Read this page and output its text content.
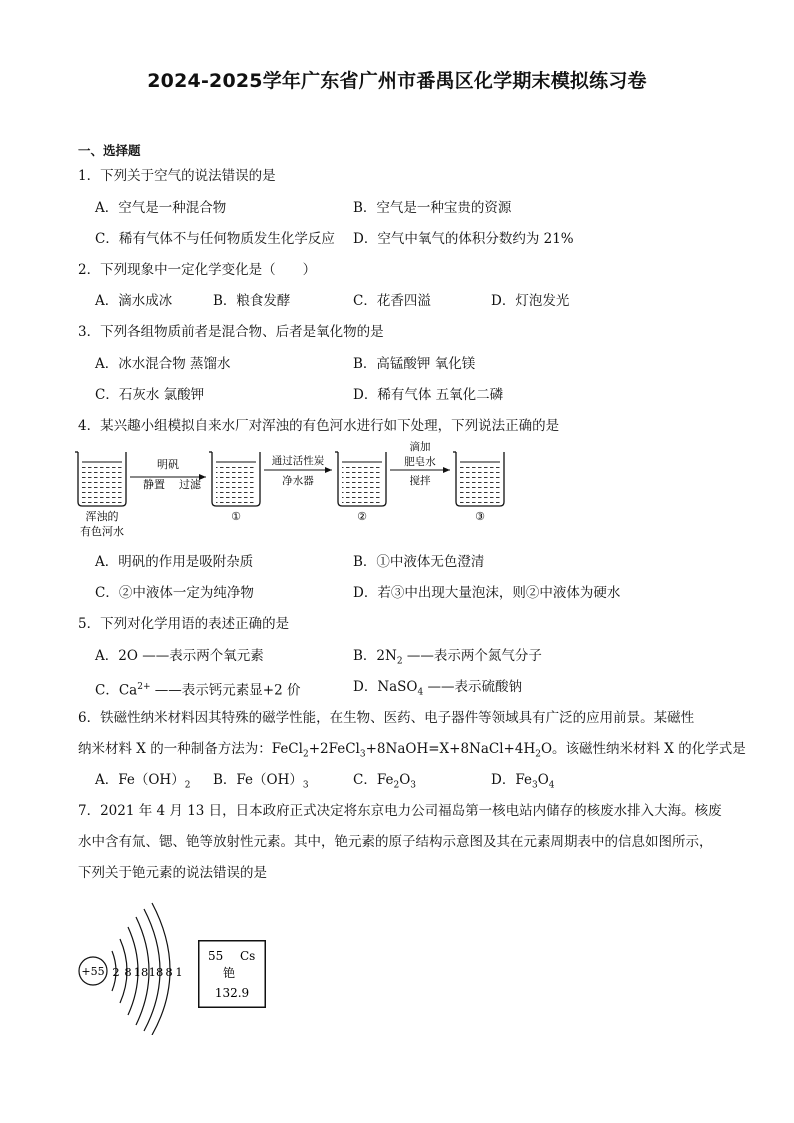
2024-2025学年广东省广州市番禺区化学期末模拟练习卷
一、选择题
1．下列关于空气的说法错误的是
A．空气是一种混合物	B．空气是一种宝贵的资源
C．稀有气体不与任何物质发生化学反应 D．空气中氧气的体积分数约为 21%
2．下列现象中一定化学变化是（　　）
A．滴水成冰	B．粮食发酵	C．花香四溢	D．灯泡发光
3．下列各组物质前者是混合物、后者是氧化物的是
A．冰水混合物 蒸馏水	B．高锰酸钾 氧化镁
C．石灰水 氯酸钾	D．稀有气体 五氧化二磷
4．某兴趣小组模拟自来水厂对浑浊的有色河水进行如下处理，下列说法正确的是
浑浊的
有色河水
明矾
静置 过滤
①
通过活性炭
净水器
②
滴加
肥皂水
搅拌
③
A．明矾的作用是吸附杂质	B．①中液体无色澄清
C．②中液体一定为纯净物	D．若③中出现大量泡沫，则②中液体为硬水
5．下列对化学用语的表述正确的是
A．2O ——表示两个氧元素	B．$2N_2$ ——表示两个氮气分子
C．$Ca^{2+}$ ——表示钙元素显+2 价	D．NaSO$_4$ ——表示硫酸钠
6．铁磁性纳米材料因其特殊的磁学性能，在生物、医药、电子器件等领域具有广泛的应用前景。某磁性
纳米材料 X 的一种制备方法为：$FeCl_2+2FeCl_3+8NaOH=X+8NaCl+4H_2O$。该磁性纳米材料 X 的化学式是
A．$Fe(OH)_2$ B．$Fe(OH)_3$	C．$Fe_2O_3$	D．$Fe_3O_4$
7．2021 年 4 月 13 日，日本政府正式决定将东京电力公司福岛第一核电站内储存的核废水排入大海。核废
水中含有氚、锶、铯等放射性元素。其中，铯元素的原子结构示意图及其在元素周期表中的信息如图所示，
下列关于铯元素的说法错误的是
+55 2 8 18 18 8 1
55 Cs
铯
132.9
